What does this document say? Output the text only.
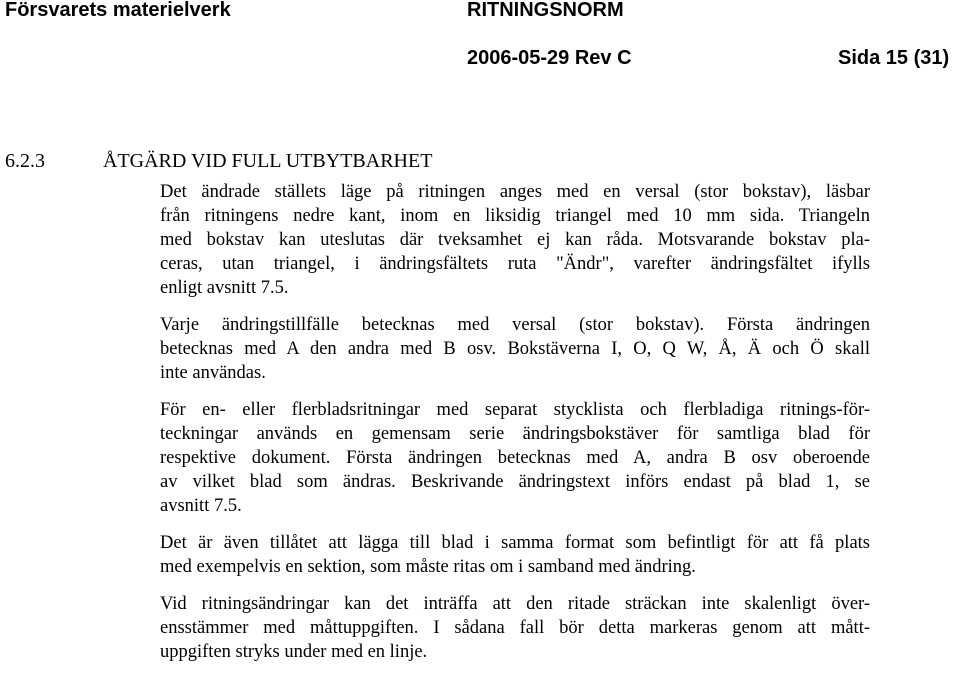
Försvarets materielverk	RITNINGSNORM
2006-05-29 Rev C	Sida 15 (31)
6.2.3	ÅTGÄRD VID FULL UTBYTBARHET

Det ändrade ställets läge på ritningen anges med en versal (stor bokstav), läsbar
från ritningens nedre kant, inom en liksidig triangel med 10 mm sida. Triangeln
med bokstav kan uteslutas där tveksamhet ej kan råda. Motsvarande bokstav pla-
ceras, utan triangel, i ändringsfältets ruta "Ändr", varefter ändringsfältet ifylls
enligt avsnitt 7.5.

Varje ändringstillfälle betecknas med versal (stor bokstav). Första ändringen
betecknas med A den andra med B osv. Bokstäverna I, O, Q W, Å, Ä och Ö skall
inte användas.

För en- eller flerbladsritningar med separat stycklista och flerbladiga ritnings-för-
teckningar används en gemensam serie ändringsbokstäver för samtliga blad för
respektive dokument. Första ändringen betecknas med A, andra B osv oberoende
av vilket blad som ändras. Beskrivande ändringstext införs endast på blad 1, se
avsnitt 7.5.

Det är även tillåtet att lägga till blad i samma format som befintligt för att få plats
med exempelvis en sektion, som måste ritas om i samband med ändring.

Vid ritningsändringar kan det inträffa att den ritade sträckan inte skalenligt över-
ensstämmer med måttuppgiften. I sådana fall bör detta markeras genom att mått-
uppgiften stryks under med en linje.
